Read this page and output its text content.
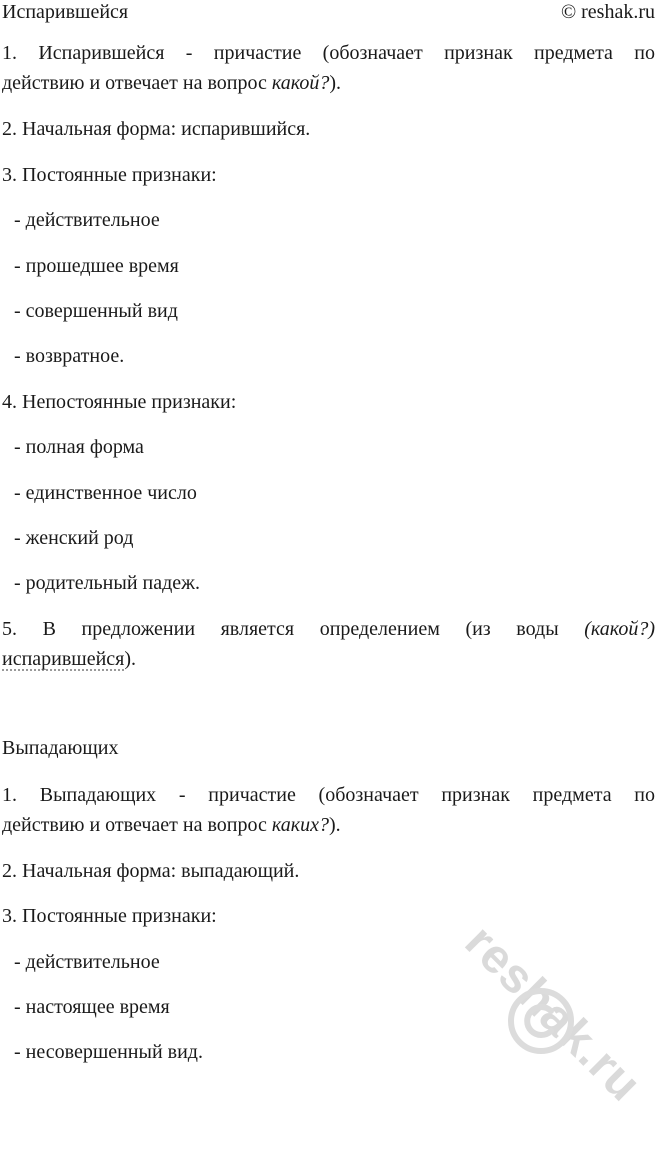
Испарившейся	© reshak.ru
1. Испарившейся - причастие (обозначает признак предмета по
действию и отвечает на вопрос какой?).
2. Начальная форма: испарившийся.
3. Постоянные признаки:
- действительное
- прошедшее время
- совершенный вид
- возвратное.
4. Непостоянные признаки:
- полная форма
- единственное число
- женский род
- родительный падеж.
5. В предложении является определением (из воды (какой?)
испарившейся).
Выпадающих
1. Выпадающих - причастие (обозначает признак предмета по
действию и отвечает на вопрос каких?).
2. Начальная форма: выпадающий.
3. Постоянные признаки:
- действительное
- настоящее время
- несовершенный вид.	reshak.ru
